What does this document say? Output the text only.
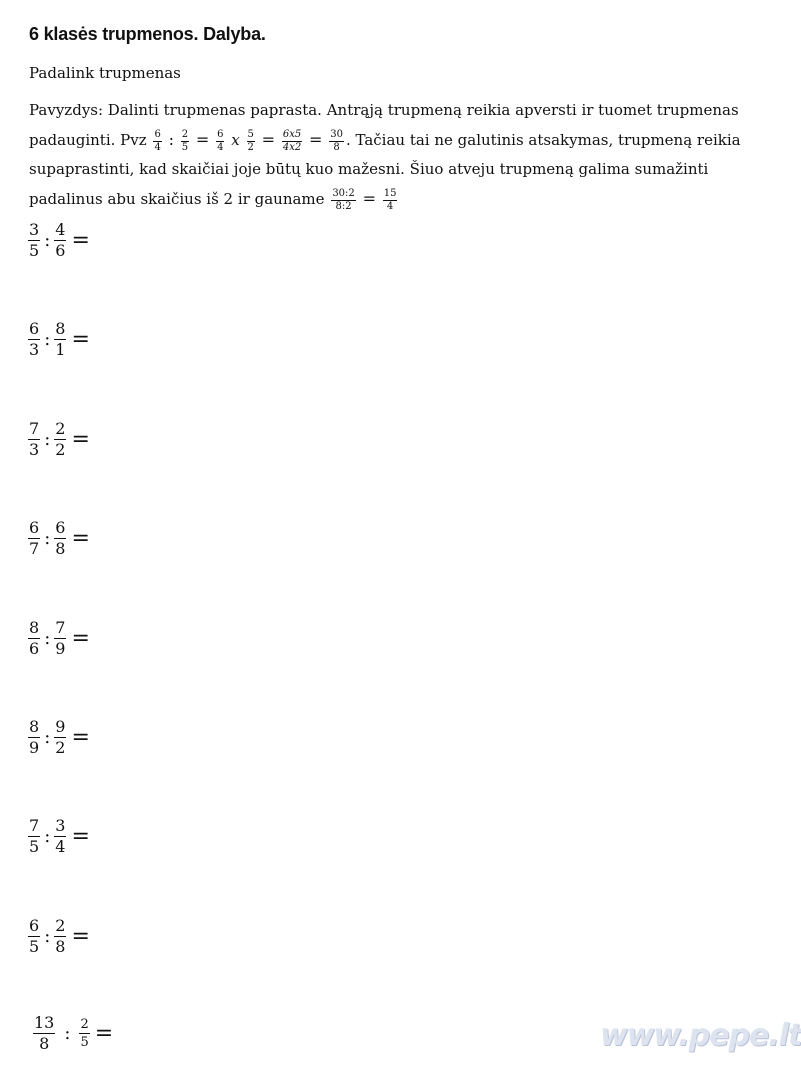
6 klasės trupmenos. Dalyba.
Padalink trupmenas
Pavyzdys: Dalinti trupmenas paprasta. Antrąją trupmeną reikia apversti ir tuomet trupmenas padauginti. Pvz $\frac{6}{4}$ : $\frac{2}{5} = \frac{6}{4}$ x $\frac{5}{2} = \frac{6x5}{4x2} = \frac{30}{8}$ . Tačiau tai ne galutinis atsakymas, trupmeną reikia supaprastinti, kad skaičiai joje būtų kuo mažesni. Šiuo atveju trupmeną galima sumažinti padalinus abu skaičius iš 2 ir gauname $\frac{30:2}{8:2} = \frac{15}{4}$
$\frac{3}{5}$ : $\frac{4}{6}$ =
$\frac{6}{3}$ : $\frac{8}{1}$ =
$\frac{7}{3}$ : $\frac{2}{2}$ =
$\frac{6}{7}$ : $\frac{6}{8}$ =
$\frac{8}{6}$ : $\frac{7}{9}$ =
$\frac{8}{9}$ : $\frac{9}{2}$ =
$\frac{7}{5}$ : $\frac{3}{4}$ =
$\frac{6}{5}$ : $\frac{2}{8}$ =
$\frac{13}{8}$ : $\frac{2}{5}$ =	www.pepe.lt
